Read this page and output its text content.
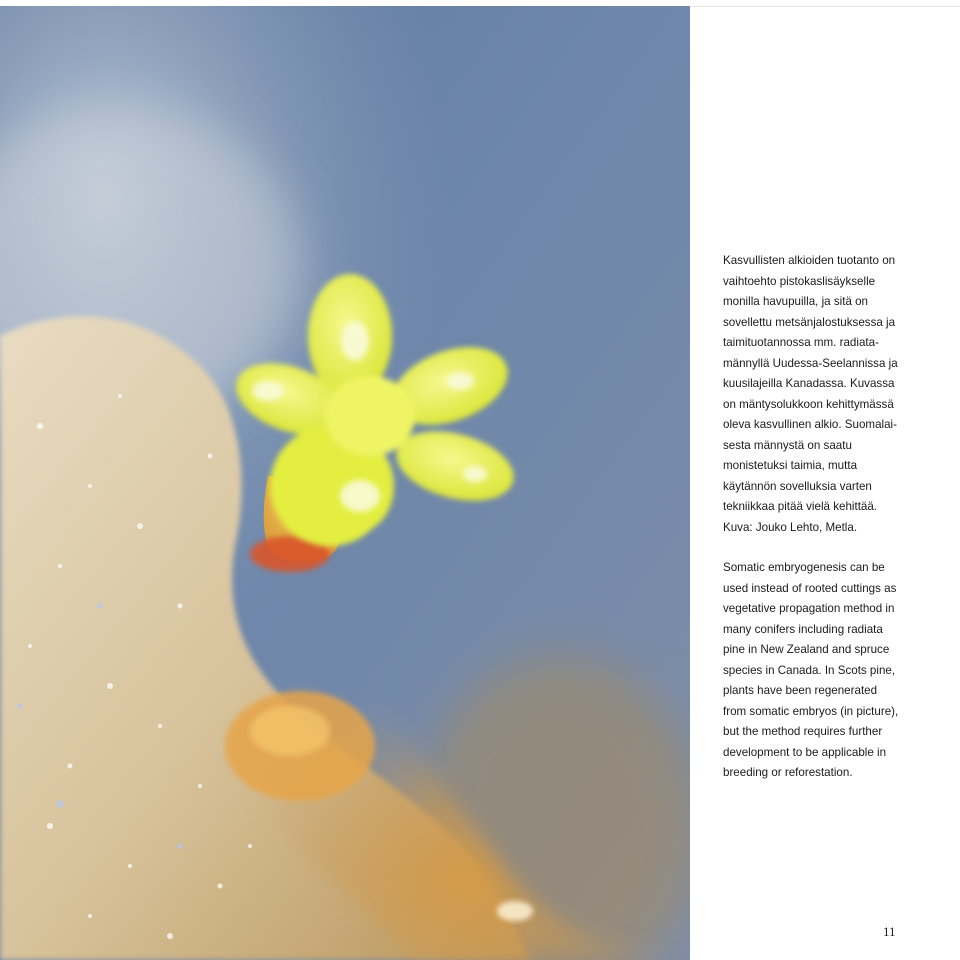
Kasvullisten alkioiden tuotanto on
vaihtoehto pistokaslisäykselle
monilla havupuilla, ja sitä on
sovellettu metsänjalostuksessa ja
taimituotannossa mm. radiata-
männyllä Uudessa-Seelannissa ja
kuusilajeilla Kanadassa. Kuvassa
on mäntysolukkoon kehittymässä
oleva kasvullinen alkio. Suomalai-
sesta männystä on saatu
monistetuksi taimia, mutta
käytännön sovelluksia varten
tekniikkaa pitää vielä kehittää.
Kuva: Jouko Lehto, Metla.

Somatic embryogenesis can be
used instead of rooted cuttings as
vegetative propagation method in
many conifers including radiata
pine in New Zealand and spruce
species in Canada. In Scots pine,
plants have been regenerated
from somatic embryos (in picture),
but the method requires further
development to be applicable in
breeding or reforestation.

11
